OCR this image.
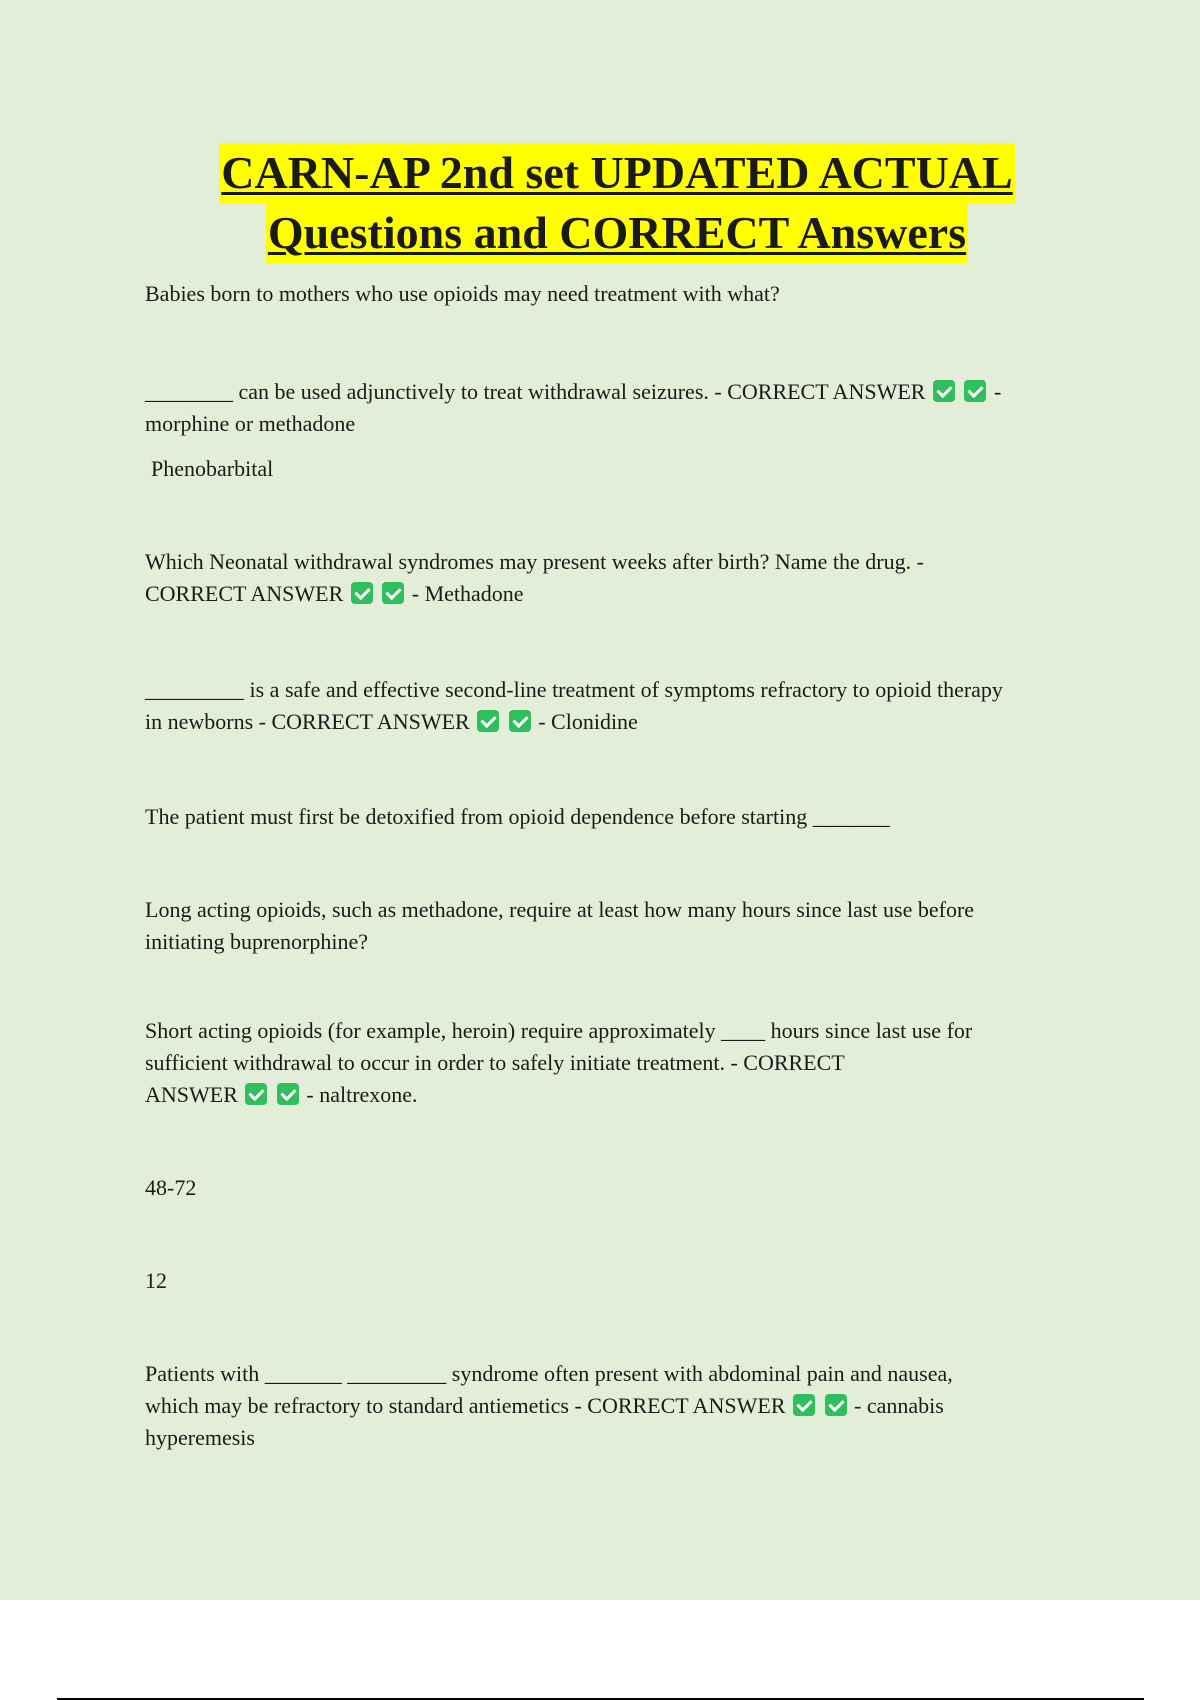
CARN-AP 2nd set UPDATED ACTUAL
Questions and CORRECT Answers

Babies born to mothers who use opioids may need treatment with what?

________ can be used adjunctively to treat withdrawal seizures. - CORRECT ANSWER	-
morphine or methadone

Phenobarbital

Which Neonatal withdrawal syndromes may present weeks after birth? Name the drug. -
CORRECT ANSWER	- Methadone

_________ is a safe and effective second-line treatment of symptoms refractory to opioid therapy
in newborns - CORRECT ANSWER	- Clonidine

The patient must first be detoxified from opioid dependence before starting _______

Long acting opioids, such as methadone, require at least how many hours since last use before
initiating buprenorphine?

Short acting opioids (for example, heroin) require approximately ____ hours since last use for
sufficient withdrawal to occur in order to safely initiate treatment. - CORRECT
ANSWER	- naltrexone.

48-72

12

Patients with _______ _________ syndrome often present with abdominal pain and nausea,
which may be refractory to standard antiemetics - CORRECT ANSWER	- cannabis
hyperemesis
